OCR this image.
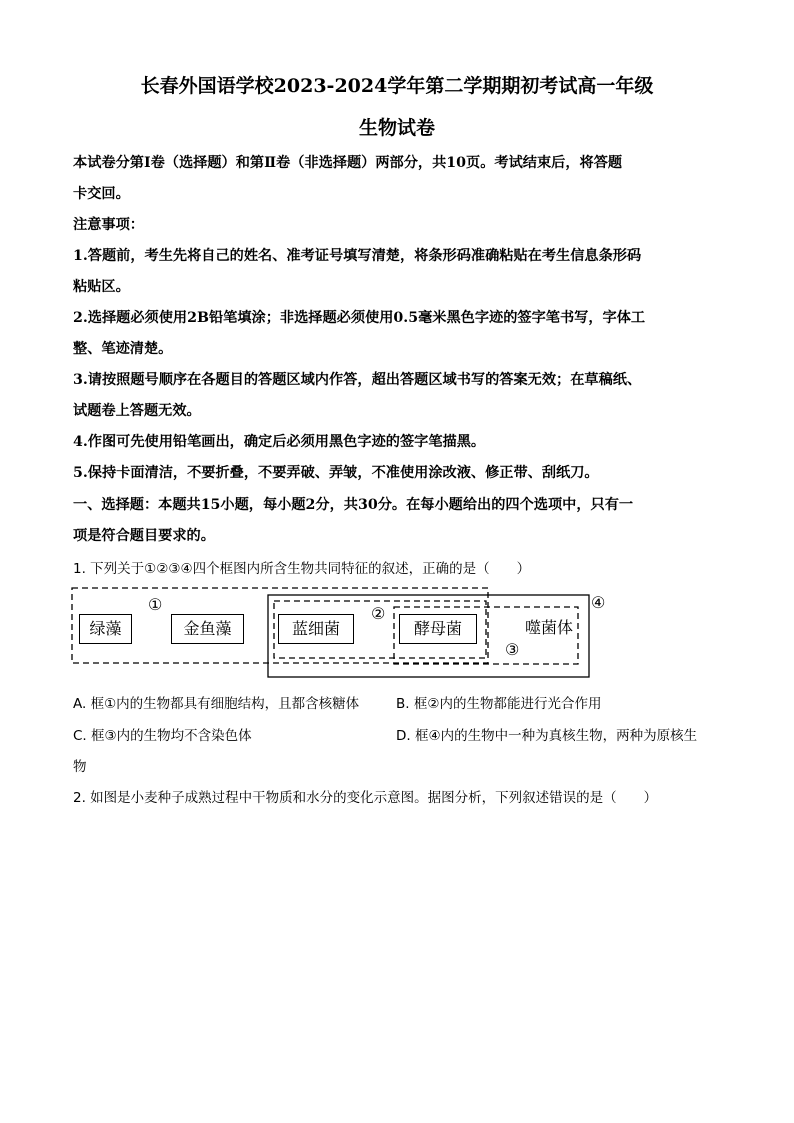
长春外国语学校2023-2024学年第二学期期初考试高一年级
生物试卷
本试卷分第Ⅰ卷（选择题）和第Ⅱ卷（非选择题）两部分，共10页。考试结束后，将答题
卡交回。
注意事项：
1.答题前，考生先将自己的姓名、准考证号填写清楚，将条形码准确粘贴在考生信息条形码
粘贴区。
2.选择题必须使用2B铅笔填涂；非选择题必须使用0.5毫米黑色字迹的签字笔书写，字体工
整、笔迹清楚。
3.请按照题号顺序在各题目的答题区域内作答，超出答题区域书写的答案无效；在草稿纸、
试题卷上答题无效。
4.作图可先使用铅笔画出，确定后必须用黑色字迹的签字笔描黑。
5.保持卡面清洁，不要折叠，不要弄破、弄皱，不准使用涂改液、修正带、刮纸刀。
一、选择题：本题共15小题，每小题2分，共30分。在每小题给出的四个选项中，只有一
项是符合题目要求的。
1. 下列关于①②③④四个框图内所含生物共同特征的叙述，正确的是（　　）
绿藻	金鱼藻	蓝细菌	酵母菌	噬菌体
①	②
③
④
A. 框①内的生物都具有细胞结构，且都含核糖体	B. 框②内的生物都能进行光合作用
C. 框③内的生物均不含染色体	D. 框④内的生物中一种为真核生物，两种为原核生
物
2. 如图是小麦种子成熟过程中干物质和水分的变化示意图。据图分析，下列叙述错误的是（　　）
